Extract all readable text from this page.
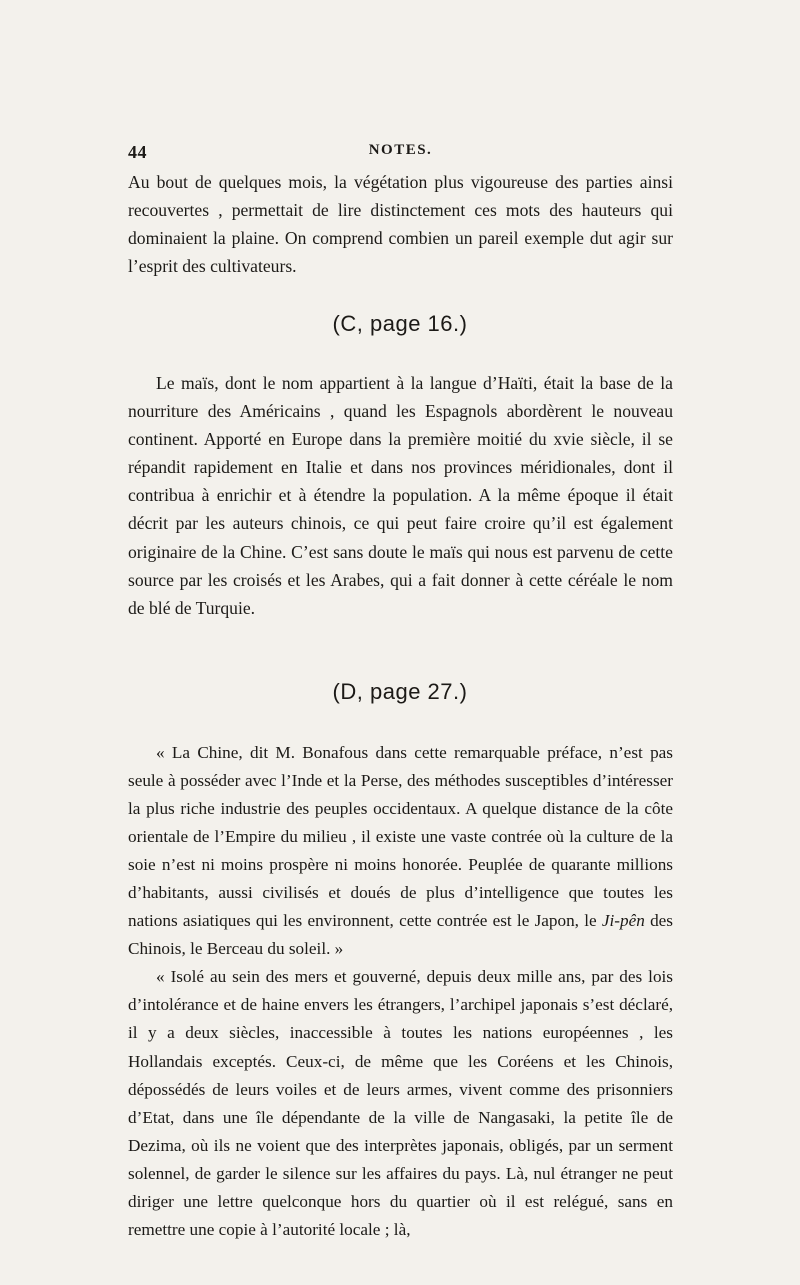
44	NOTES.

Au bout de quelques mois, la végétation plus vigoureuse des parties ainsi recouvertes , permettait de lire distinctement ces mots des hauteurs qui dominaient la plaine. On comprend combien un pareil exemple dut agir sur l’esprit des cultivateurs.

(C, page 16.)

Le maïs, dont le nom appartient à la langue d’Haïti, était la base de la nourriture des Américains , quand les Espagnols abordèrent le nouveau continent. Apporté en Europe dans la première moitié du xvie siècle, il se répandit rapidement en Italie et dans nos provinces méridionales, dont il contribua à enrichir et à étendre la population. A la même époque il était décrit par les auteurs chinois, ce qui peut faire croire qu’il est également originaire de la Chine. C’est sans doute le maïs qui nous est parvenu de cette source par les croisés et les Arabes, qui a fait donner à cette céréale le nom de blé de Turquie.

(D, page 27.)

« La Chine, dit M. Bonafous dans cette remarquable préface, n’est pas seule à posséder avec l’Inde et la Perse, des méthodes susceptibles d’intéresser la plus riche industrie des peuples occidentaux. A quelque distance de la côte orientale de l’Empire du milieu , il existe une vaste contrée où la culture de la soie n’est ni moins prospère ni moins honorée. Peuplée de quarante millions d’habitants, aussi civilisés et doués de plus d’intelligence que toutes les nations asiatiques qui les environnent, cette contrée est le Japon, le Ji-pên des Chinois, le Berceau du soleil. »

« Isolé au sein des mers et gouverné, depuis deux mille ans, par des lois d’intolérance et de haine envers les étrangers, l’archipel japonais s’est déclaré, il y a deux siècles, inaccessible à toutes les nations européennes , les Hollandais exceptés. Ceux-ci, de même que les Coréens et les Chinois, dépossédés de leurs voiles et de leurs armes, vivent comme des prisonniers d’Etat, dans une île dépendante de la ville de Nangasaki, la petite île de Dezima, où ils ne voient que des interprètes japonais, obligés, par un serment solennel, de garder le silence sur les affaires du pays. Là, nul étranger ne peut diriger une lettre quelconque hors du quartier où il est relégué, sans en remettre une copie à l’autorité locale ; là,
